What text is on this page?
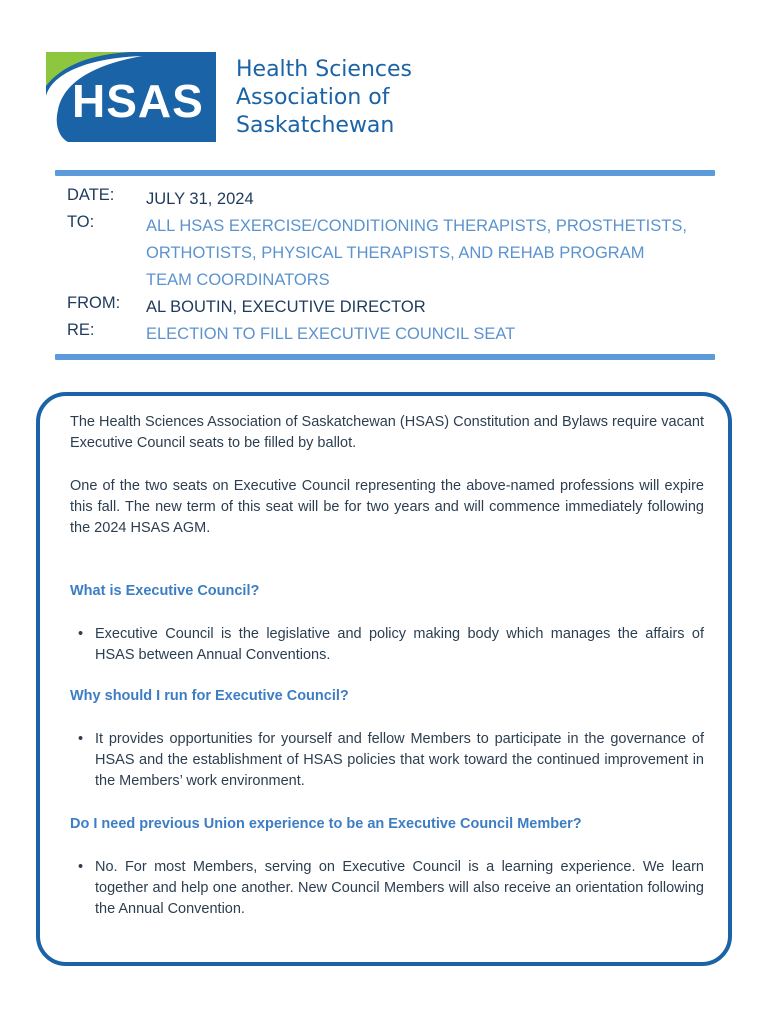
HSAS
Health Sciences
Association of
Saskatchewan
DATE: JULY 31, 2024
TO:	ALL HSAS EXERCISE/CONDITIONING THERAPISTS, PROSTHETISTS,
ORTHOTISTS, PHYSICAL THERAPISTS, AND REHAB PROGRAM
TEAM COORDINATORS
FROM: AL BOUTIN, EXECUTIVE DIRECTOR
RE:	ELECTION TO FILL EXECUTIVE COUNCIL SEAT

The Health Sciences Association of Saskatchewan (HSAS) Constitution and Bylaws require vacant Executive Council seats to be filled by ballot.

One of the two seats on Executive Council representing the above-named professions will expire this fall. The new term of this seat will be for two years and will commence immediately following the 2024 HSAS AGM.

What is Executive Council?

• Executive Council is the legislative and policy making body which manages the affairs of HSAS between Annual Conventions.

Why should I run for Executive Council?

• It provides opportunities for yourself and fellow Members to participate in the governance of HSAS and the establishment of HSAS policies that work toward the continued improvement in the Members’ work environment.

Do I need previous Union experience to be an Executive Council Member?

• No. For most Members, serving on Executive Council is a learning experience. We learn together and help one another. New Council Members will also receive an orientation following the Annual Convention.
